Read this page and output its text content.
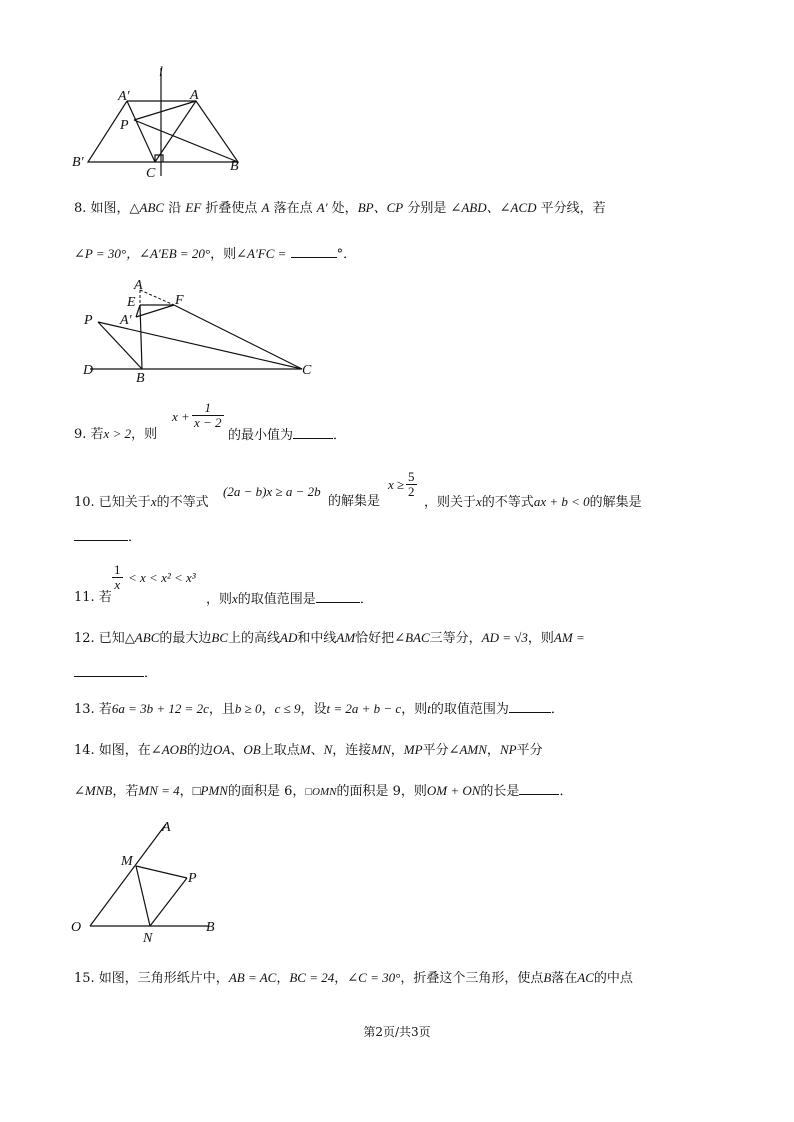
l
A′	A
P
B′
C	B
8. 如图，△ABC 沿 EF 折叠使点 A 落在点 A′ 处，BP、CP 分别是 ∠ABD、∠ACD 平分线，若
∠P = 30°，∠A′EB = 20°，则∠A′FC =	°．
A
E	F
A′
P
D
B
C
9. 若x > 2，则
$x + \frac{1}{x - 2}$
的最小值为	．
10. 已知关于x的不等式
(2a − b)x ≥ a − 2b
的解集是
$x \ge \frac{5}{2}$
，则关于x的不等式ax + b < 0的解集是
．
$\frac{1}{x} < x < x^2 < x^3$
11. 若	，则x的取值范围是	．
12. 已知△ABC的最大边BC上的高线AD和中线AM恰好把∠BAC三等分，AD = √3，则AM =
．
13. 若6a = 3b + 12 = 2c，且b ≥ 0，c ≤ 9，设t = 2a + b − c，则t的取值范围为	．
14. 如图，在∠AOB的边OA、OB上取点M、N，连接MN，MP平分∠AMN，NP平分
∠MNB，若MN = 4，□PMN的面积是 6，□OMN的面积是 9，则OM + ON的长是	．
A
M
P
O
N
B
15. 如图，三角形纸片中，AB = AC，BC = 24，∠C = 30°，折叠这个三角形，使点B落在AC的中点
第2页/共3页
